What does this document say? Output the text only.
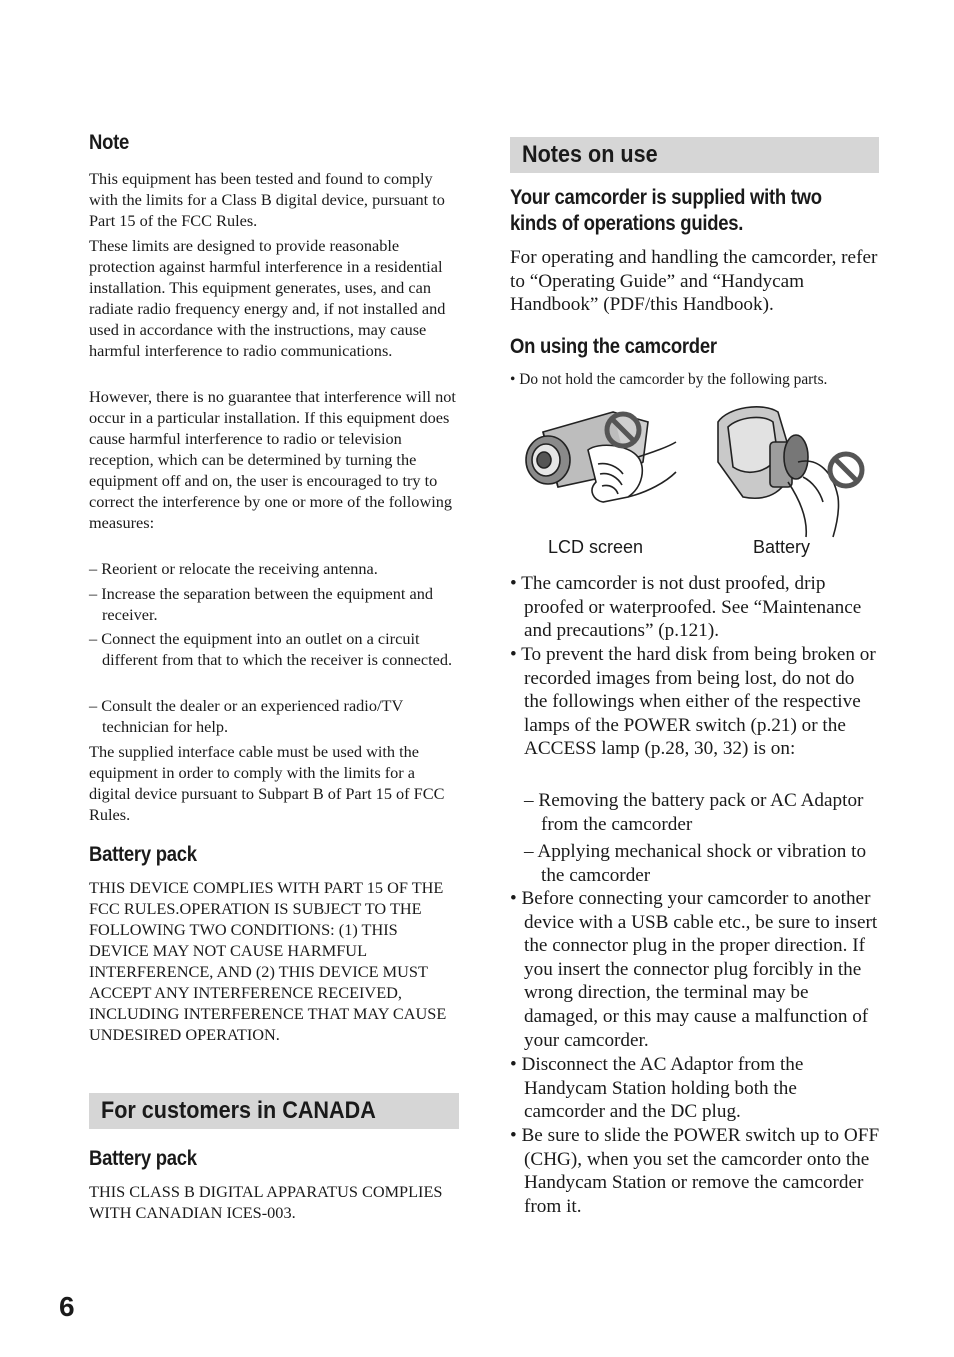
Note

This equipment has been tested and found to comply with the limits for a Class B digital device, pursuant to Part 15 of the FCC Rules.

These limits are designed to provide reasonable protection against harmful interference in a residential installation. This equipment generates, uses, and can radiate radio frequency energy and, if not installed and used in accordance with the instructions, may cause harmful interference to radio communications.

However, there is no guarantee that interference will not occur in a particular installation. If this equipment does cause harmful interference to radio or television reception, which can be determined by turning the equipment off and on, the user is encouraged to try to correct the interference by one or more of the following measures:

– Reorient or relocate the receiving antenna.
– Increase the separation between the equipment and receiver.
– Connect the equipment into an outlet on a circuit different from that to which the receiver is connected.
– Consult the dealer or an experienced radio/TV technician for help.

The supplied interface cable must be used with the equipment in order to comply with the limits for a digital device pursuant to Subpart B of Part 15 of FCC Rules.

Battery pack

THIS DEVICE COMPLIES WITH PART 15 OF THE FCC RULES.OPERATION IS SUBJECT TO THE FOLLOWING TWO CONDITIONS: (1) THIS DEVICE MAY NOT CAUSE HARMFUL INTERFERENCE, AND (2) THIS DEVICE MUST ACCEPT ANY INTERFERENCE RECEIVED, INCLUDING INTERFERENCE THAT MAY CAUSE UNDESIRED OPERATION.

For customers in CANADA
Battery pack

THIS CLASS B DIGITAL APPARATUS COMPLIES WITH CANADIAN ICES-003.

Notes on use
Your camcorder is supplied with two
kinds of operations guides.

For operating and handling the camcorder, refer to “Operating Guide” and “Handycam Handbook” (PDF/this Handbook).

On using the camcorder
• Do not hold the camcorder by the following parts.
LCD screen	Battery
• The camcorder is not dust proofed, drip proofed or waterproofed. See “Maintenance and precautions” (p.121).
• To prevent the hard disk from being broken or recorded images from being lost, do not do the followings when either of the respective lamps of the POWER switch (p.21) or the ACCESS lamp (p.28, 30, 32) is on:
– Removing the battery pack or AC Adaptor from the camcorder
– Applying mechanical shock or vibration to the camcorder
• Before connecting your camcorder to another device with a USB cable etc., be sure to insert the connector plug in the proper direction. If you insert the connector plug forcibly in the wrong direction, the terminal may be damaged, or this may cause a malfunction of your camcorder.
• Disconnect the AC Adaptor from the Handycam Station holding both the camcorder and the DC plug.
• Be sure to slide the POWER switch up to OFF (CHG), when you set the camcorder onto the Handycam Station or remove the camcorder from it.
6
